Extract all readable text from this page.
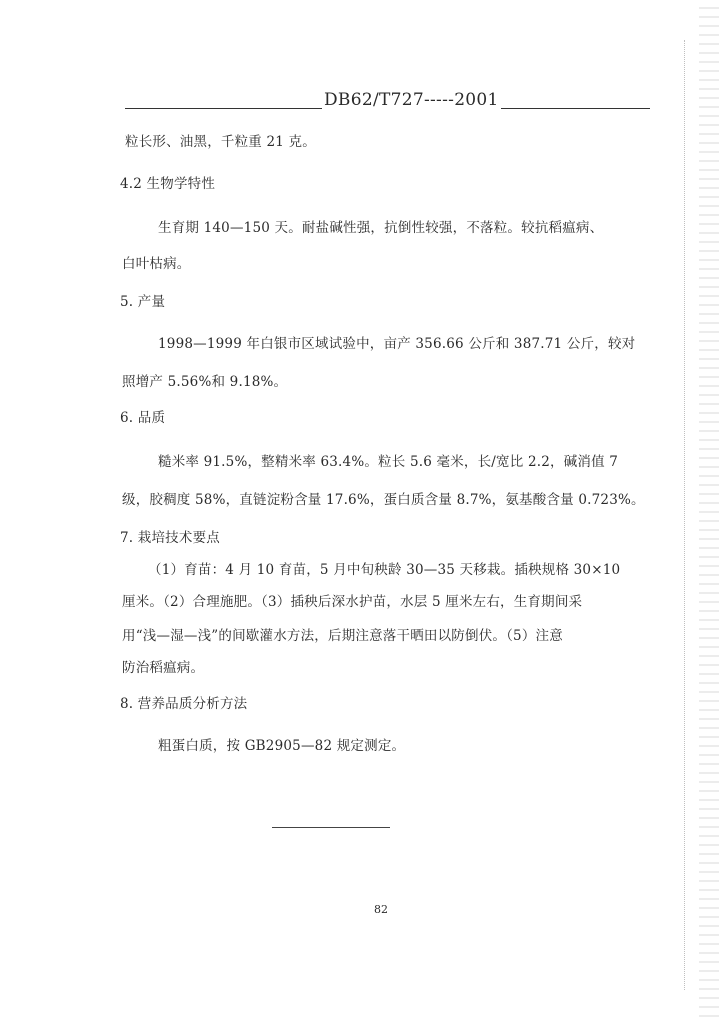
DB62/T727-----2001
粒长形、油黑，千粒重 21 克。
4.2 生物学特性
生育期 140—150 天。耐盐碱性强，抗倒性较强，不落粒。较抗稻瘟病、
白叶枯病。
5. 产量
1998—1999 年白银市区域试验中，亩产 356.66 公斤和 387.71 公斤，较对
照增产 5.56%和 9.18%。
6. 品质
糙米率 91.5%，整精米率 63.4%。粒长 5.6 毫米，长/宽比 2.2，碱消值 7
级，胶稠度 58%，直链淀粉含量 17.6%，蛋白质含量 8.7%，氨基酸含量 0.723%。
7. 栽培技术要点
（1）育苗：4 月 10 育苗，5 月中旬秧龄 30—35 天移栽。插秧规格 30×10
厘米。（2）合理施肥。（3）插秧后深水护苗，水层 5 厘米左右，生育期间采
用“浅—湿—浅”的间歇灌水方法，后期注意落干晒田以防倒伏。（5）注意
防治稻瘟病。
8. 营养品质分析方法
粗蛋白质，按 GB2905—82 规定测定。
82
